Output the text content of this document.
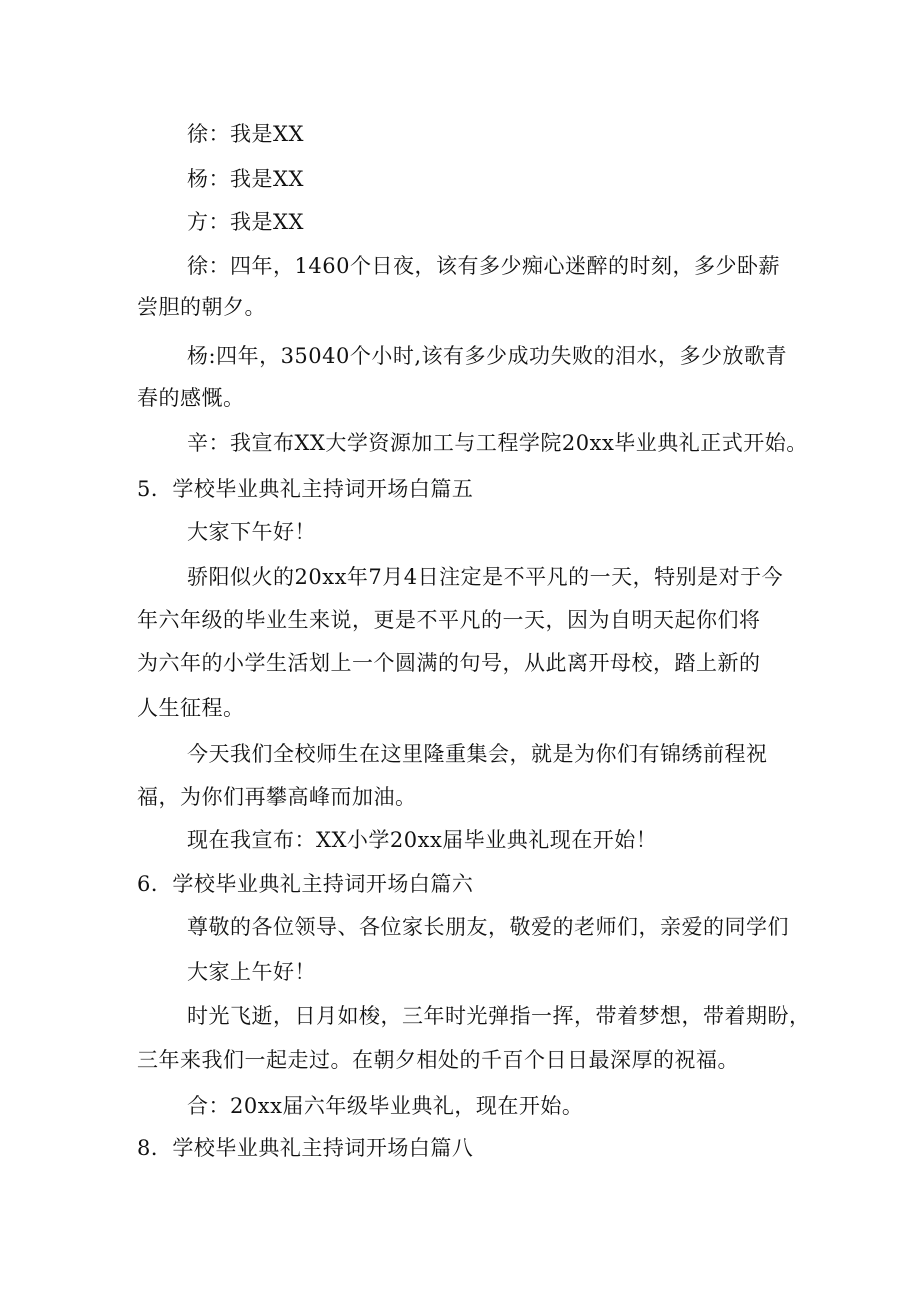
徐：我是XX
杨：我是XX
方：我是XX
徐：四年，1460个日夜，该有多少痴心迷醉的时刻，多少卧薪
尝胆的朝夕。
杨:四年，35040个小时,该有多少成功失败的泪水，多少放歌青
春的感慨。
辛：我宣布XX大学资源加工与工程学院20xx毕业典礼正式开始。
5．学校毕业典礼主持词开场白篇五
大家下午好！
骄阳似火的20xx年7月4日注定是不平凡的一天，特别是对于今
年六年级的毕业生来说，更是不平凡的一天，因为自明天起你们将
为六年的小学生活划上一个圆满的句号，从此离开母校，踏上新的
人生征程。
今天我们全校师生在这里隆重集会，就是为你们有锦绣前程祝
福，为你们再攀高峰而加油。
现在我宣布：XX小学20xx届毕业典礼现在开始！
6．学校毕业典礼主持词开场白篇六
尊敬的各位领导、各位家长朋友，敬爱的老师们，亲爱的同学们
大家上午好！
时光飞逝，日月如梭，三年时光弹指一挥，带着梦想，带着期盼，
三年来我们一起走过。在朝夕相处的千百个日日最深厚的祝福。
合：20xx届六年级毕业典礼，现在开始。
8．学校毕业典礼主持词开场白篇八
